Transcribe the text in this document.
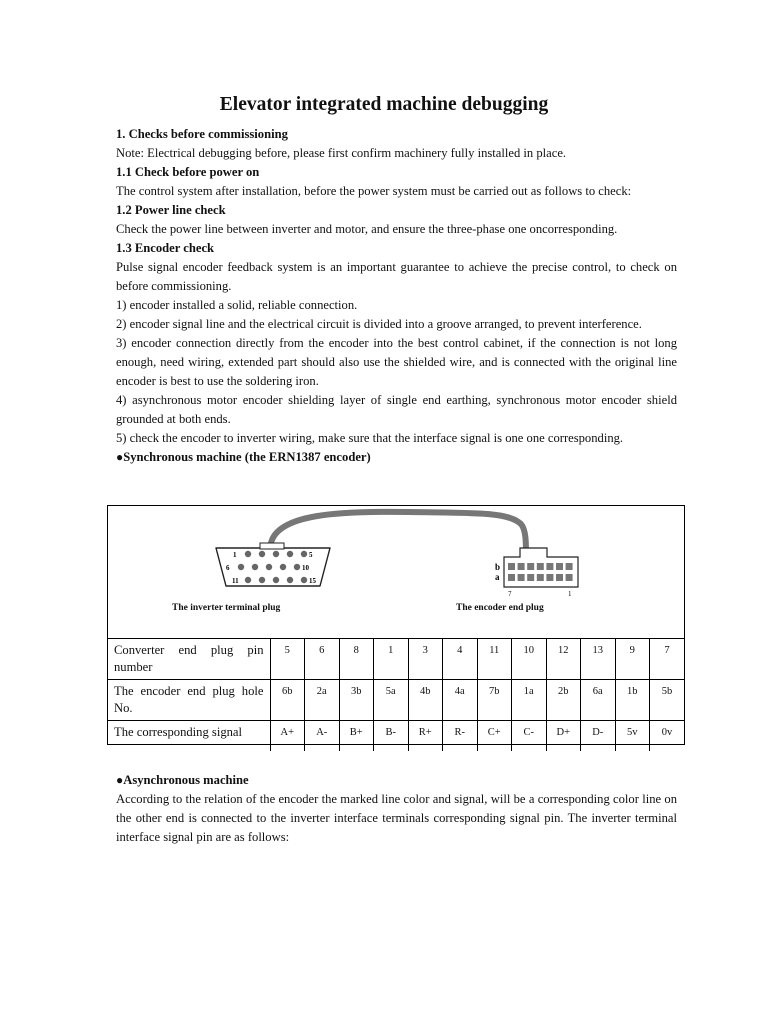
Elevator integrated machine debugging

1. Checks before commissioning

Note: Electrical debugging before, please first confirm machinery fully installed in place.

1.1 Check before power on

The control system after installation, before the power system must be carried out as follows to check:

1.2 Power line check

Check the power line between inverter and motor, and ensure the three-phase one oncorresponding.

1.3 Encoder check

Pulse signal encoder feedback system is an important guarantee to achieve the precise control, to check on before commissioning.

1) encoder installed a solid, reliable connection.

2) encoder signal line and the electrical circuit is divided into a groove arranged, to prevent interference.

3) encoder connection directly from the encoder into the best control cabinet, if the connection is not long enough, need wiring, extended part should also use the shielded wire, and is connected with the original line encoder is best to use the soldering iron.

4) asynchronous motor encoder shielding layer of single end earthing, synchronous motor encoder shield grounded at both ends.

5) check the encoder to inverter wiring, make sure that the interface signal is one one corresponding.

●Synchronous machine (the ERN1387 encoder)

1	5
6	10
11	15
b
a
7	1
The inverter terminal plug	The encoder end plug
Converter end plug pin number	5	6	8	1	3	4	11	10	12	13	9	7
The encoder end plug hole No.	6b	2a	3b	5a	4b	4a	7b	1a	2b	6a	1b	5b
The corresponding signal	A+	A-	B+	B-	R+	R-	C+	C-	D+	D-	5v	0v

●Asynchronous machine

According to the relation of the encoder the marked line color and signal, will be a corresponding color line on the other end is connected to the inverter interface terminals corresponding signal pin. The inverter terminal interface signal pin are as follows:
